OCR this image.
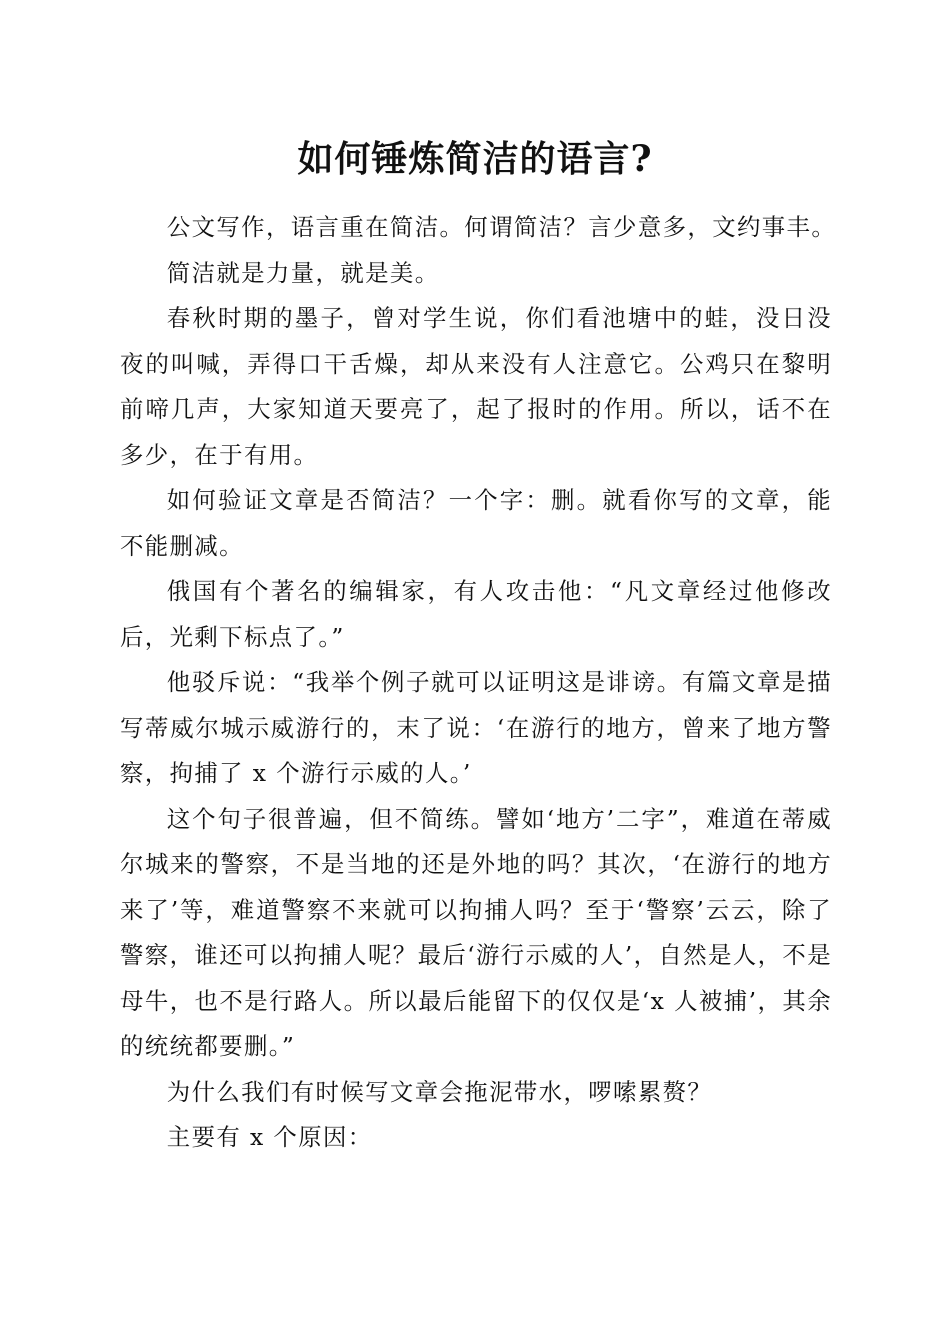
如何锤炼简洁的语言?

公文写作，语言重在简洁。何谓简洁？言少意多，文约事丰。

简洁就是力量，就是美。

春秋时期的墨子，曾对学生说，你们看池塘中的蛙，没日没夜的叫喊，弄得口干舌燥，却从来没有人注意它。公鸡只在黎明前啼几声，大家知道天要亮了，起了报时的作用。所以，话不在多少，在于有用。

如何验证文章是否简洁？一个字：删。就看你写的文章，能不能删减。

俄国有个著名的编辑家，有人攻击他：“凡文章经过他修改后，光剩下标点了。”

他驳斥说：“我举个例子就可以证明这是诽谤。有篇文章是描写蒂威尔城示威游行的，末了说：‘在游行的地方，曾来了地方警察，拘捕了 x 个游行示威的人。’

这个句子很普遍，但不简练。譬如‘地方’二字”，难道在蒂威尔城来的警察，不是当地的还是外地的吗？其次，‘在游行的地方来了’等，难道警察不来就可以拘捕人吗？至于‘警察’云云，除了警察，谁还可以拘捕人呢？最后‘游行示威的人’，自然是人，不是母牛，也不是行路人。所以最后能留下的仅仅是‘x 人被捕’，其余的统统都要删。”

为什么我们有时候写文章会拖泥带水，啰嗦累赘？

主要有 x 个原因：
